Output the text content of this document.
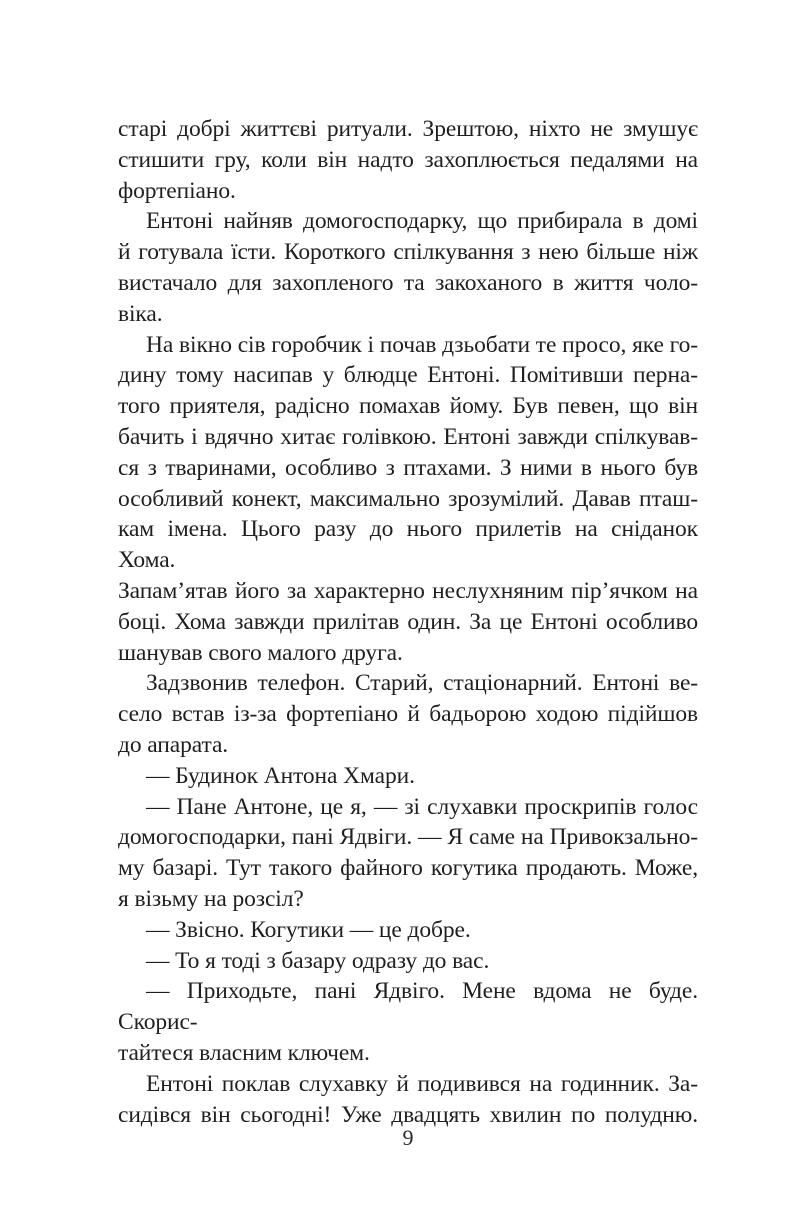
старі добрі життєві ритуали. Зрештою, ніхто не змушує
стишити гру, коли він надто захоплюється педалями на
фортепіано.
Ентоні найняв домогосподарку, що прибирала в домі
й готувала їсти. Короткого спілкування з нею більше ніж
вистачало для захопленого та закоханого в життя чоло-
віка.
На вікно сів горобчик і почав дзьобати те просо, яке го-
дину тому насипав у блюдце Ентоні. Помітивши перна-
того приятеля, радісно помахав йому. Був певен, що він
бачить і вдячно хитає голівкою. Ентоні завжди спілкував-
ся з тваринами, особливо з птахами. З ними в нього був
особливий конект, максимально зрозумілий. Давав пташ-
кам імена. Цього разу до нього прилетів на сніданок Хома.
Запам’ятав його за характерно неслухняним пір’ячком на
боці. Хома завжди прилітав один. За це Ентоні особливо
шанував свого малого друга.
Задзвонив телефон. Старий, стаціонарний. Ентоні ве-
село встав із-за фортепіано й бадьорою ходою підійшов
до апарата.
— Будинок Антона Хмари.
— Пане Антоне, це я, — зі слухавки проскрипів голос
домогосподарки, пані Ядвіги. — Я саме на Привокзально-
му базарі. Тут такого файного когутика продають. Може,
я візьму на розсіл?
— Звісно. Когутики — це добре.
— То я тоді з базару одразу до вас.
— Приходьте, пані Ядвіго. Мене вдома не буде. Скорис-
тайтеся власним ключем.
Ентоні поклав слухавку й подивився на годинник. За-
сидівся він сьогодні! Уже двадцять хвилин по полудню.
9
